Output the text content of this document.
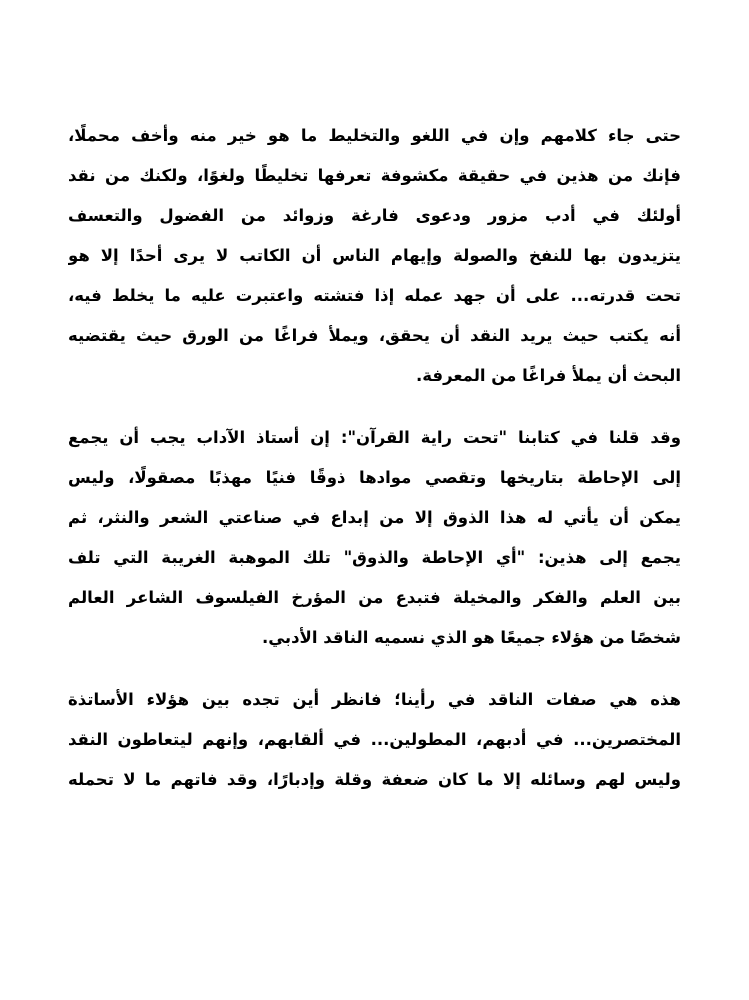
حتى جاء كلامهم وإن في اللغو والتخليط ما هو خير منه وأخف محملًا،
فإنك من هذين في حقيقة مكشوفة تعرفها تخليطًا ولغوًا، ولكنك من نقد
أولئك في أدب مزور ودعوى فارغة وزوائد من الفضول والتعسف
يتزيدون بها للنفخ والصولة وإيهام الناس أن الكاتب لا يرى أحدًا إلا هو
تحت قدرته... على أن جهد عمله إذا فتشته واعتبرت عليه ما يخلط فيه،
أنه يكتب حيث يريد النقد أن يحقق، ويملأ فراغًا من الورق حيث يقتضيه
البحث أن يملأ فراغًا من المعرفة.

وقد قلنا في كتابنا "تحت راية القرآن": إن أستاذ الآداب يجب أن يجمع
إلى الإحاطة بتاريخها وتقصي موادها ذوقًا فنيًا مهذبًا مصقولًا، وليس
يمكن أن يأتي له هذا الذوق إلا من إبداع في صناعتي الشعر والنثر، ثم
يجمع إلى هذين: "أي الإحاطة والذوق" تلك الموهبة الغريبة التي تلف
بين العلم والفكر والمخيلة فتبدع من المؤرخ الفيلسوف الشاعر العالم
شخصًا من هؤلاء جميعًا هو الذي نسميه الناقد الأدبي.

هذه هي صفات الناقد في رأينا؛ فانظر أين تجده بين هؤلاء الأساتذة
المختصرين... في أدبهم، المطولين... في ألقابهم، وإنهم ليتعاطون النقد
وليس لهم وسائله إلا ما كان ضعفة وقلة وإدبارًا، وقد فاتهم ما لا تحمله
